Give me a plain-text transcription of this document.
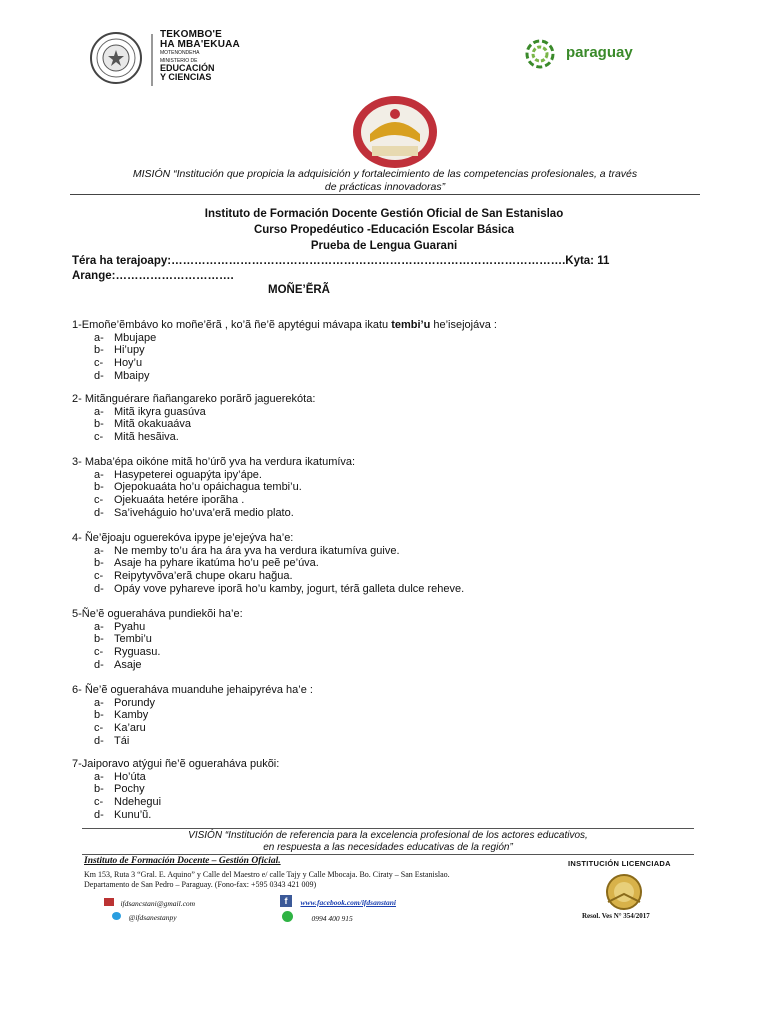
TEKOMBO'E
HA MBA'EKUAA
MOTENONDEHA
MINISTERIO DE
EDUCACIÓN
Y CIENCIAS
paraguay
MISIÓN “Institución que propicia la adquisición y fortalecimiento de las competencias profesionales, a través
de prácticas innovadoras”
Instituto de Formación Docente Gestión Oficial de San Estanislao
Curso Propedéutico -Educación Escolar Básica
Prueba de Lengua Guarani
Téra ha terajoapy:………………………………………………………………………………………….Kyta: 11
Arange:………………………….
MOÑE’ẼRÃ
1-Emoñe’ẽmbávo ko moñe’ẽrã , ko’ã ñe’ẽ apytégui mávapa ikatu tembi’u he’isejojáva :
a- Mbujape
b- Hi’upy
c- Hoy’u
d- Mbaipy
2- Mitãnguérare ñañangareko porãrõ jaguerekóta:
a- Mitã ikyra guasúva
b- Mitã okakuaáva
c- Mitã hesãiva.
3- Maba’épa oikóne mitã ho’úrõ yva ha verdura ikatumíva:
a- Hasypeterei oguapýta ipy’ápe.
b- Ojepokuaáta ho’u opáichagua tembi’u.
c- Ojekuaáta hetére iporãha .
d- Sa’iveháguio ho’uva’erã medio plato.
4- Ñe’ẽjoaju oguerekóva ipype je’ejeýva ha’e:
a- Ne memby to’u ára ha ára yva ha verdura ikatumíva guive.
b- Asaje ha pyhare ikatúma ho’u peẽ pe’úva.
c- Reipytyvõva’erã chupe okaru hağua.
d- Opáy vove pyhareve iporã ho’u kamby, jogurt, térã galleta dulce reheve.
5-Ñe’ẽ ogueraháva pundiekõi ha’e:
a- Pyahu
b- Tembi’u
c- Ryguasu.
d- Asaje
6- Ñe’ẽ ogueraháva muanduhe jehaipyréva ha’e :
a- Porundy
b- Kamby
c- Ka’aru
d- Tái
7-Jaiporavo atýgui ñe’ẽ ogueraháva pukõi:
a- Ho’úta
b- Pochy
c- Ndehegui
d- Kunu’ũ.
VISIÓN “Institución de referencia para la excelencia profesional de los actores educativos,
en respuesta a las necesidades educativas de la región”
Instituto de Formación Docente – Gestión Oficial.
Km 153, Ruta 3 “Gral. E. Aquino” y Calle del Maestro e/ calle Tajy y Calle Mbocaja. Bo. Ciraty – San Estanislao.
Departamento de San Pedro – Paraguay. (Fono-fax: +595 0343 421 009)
ifdsancstani@gmail.com
@ifdsanestanpy
f www.facebook.com/ifdsanstani
0994 400 915
INSTITUCIÓN LICENCIADA
Resol. Ves N° 354/2017
